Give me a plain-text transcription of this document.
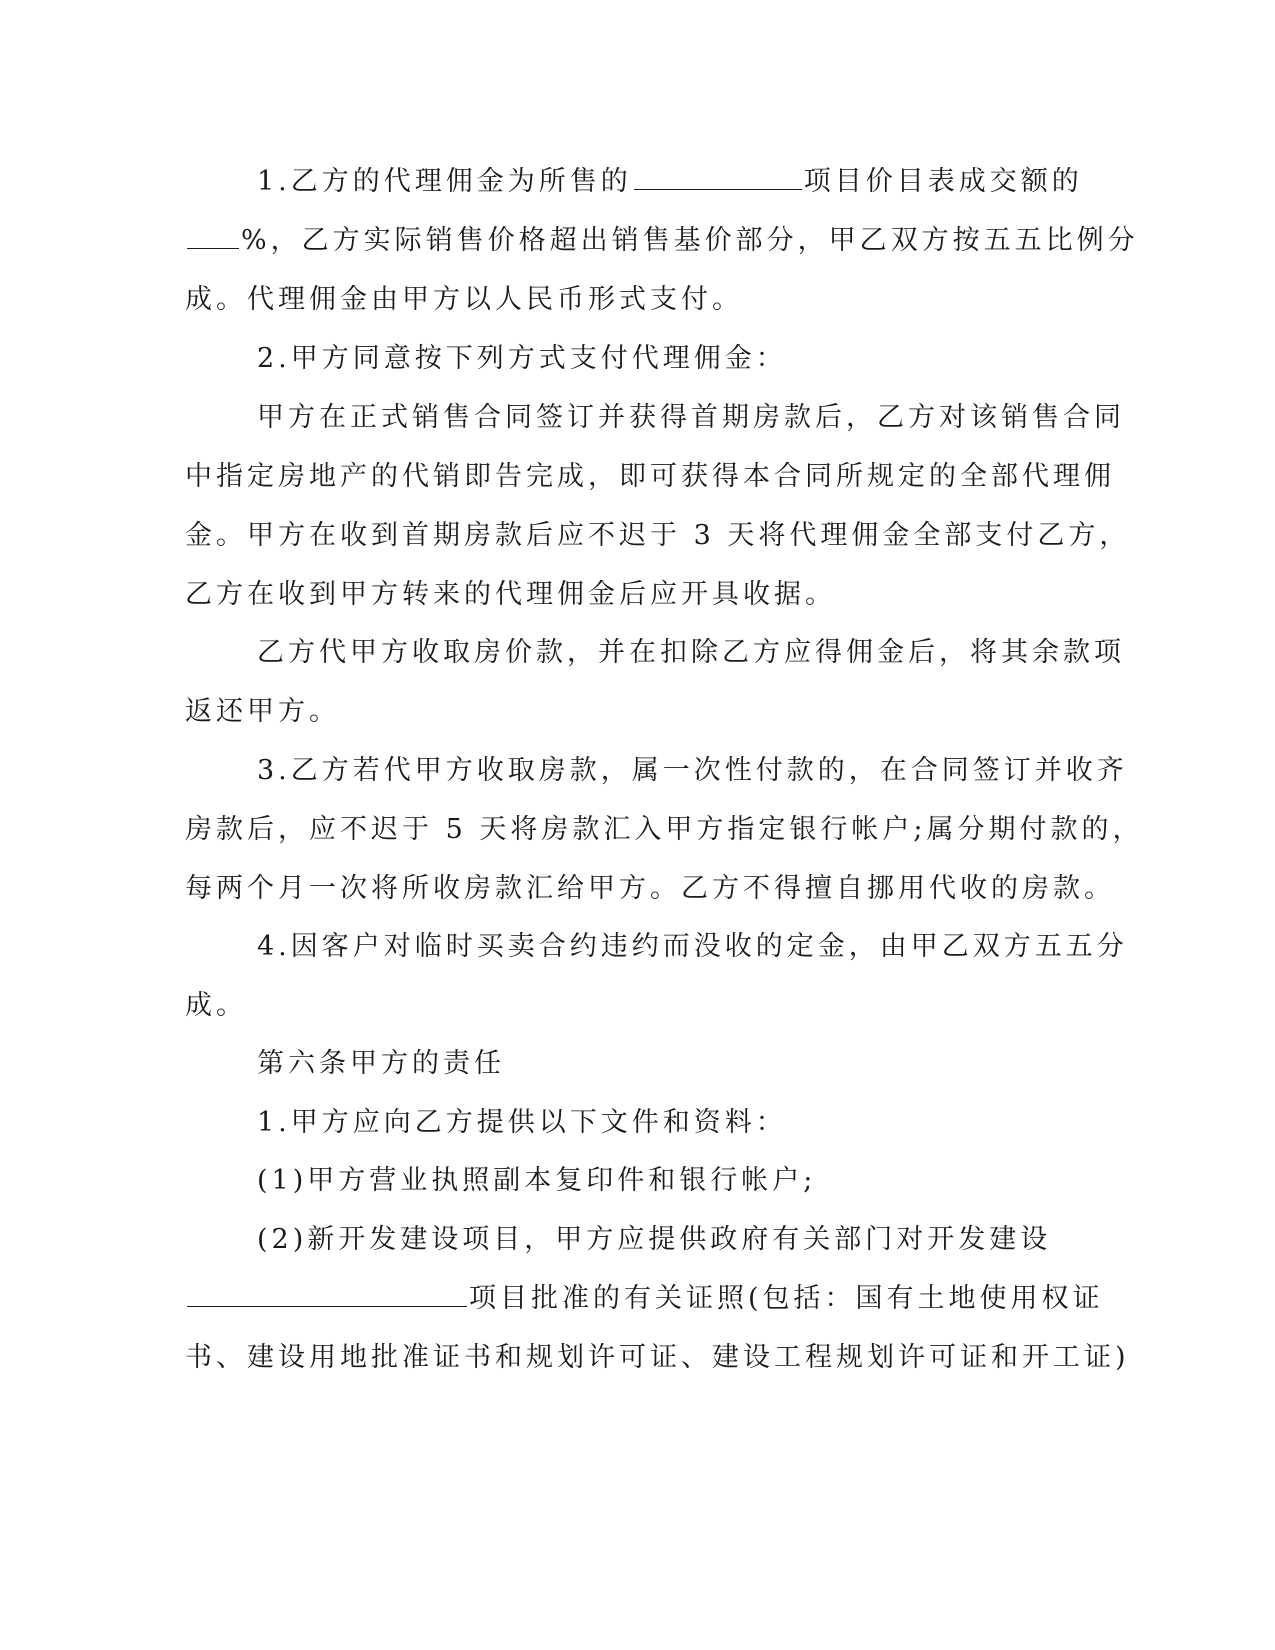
1.乙方的代理佣金为所售的	项目价目表成交额的
%，乙方实际销售价格超出销售基价部分，甲乙双方按五五比例分
成。代理佣金由甲方以人民币形式支付。
2.甲方同意按下列方式支付代理佣金：
甲方在正式销售合同签订并获得首期房款后，乙方对该销售合同
中指定房地产的代销即告完成，即可获得本合同所规定的全部代理佣
金。甲方在收到首期房款后应不迟于 3 天将代理佣金全部支付乙方，
乙方在收到甲方转来的代理佣金后应开具收据。
乙方代甲方收取房价款，并在扣除乙方应得佣金后，将其余款项
返还甲方。
3.乙方若代甲方收取房款，属一次性付款的，在合同签订并收齐
房款后，应不迟于 5 天将房款汇入甲方指定银行帐户;属分期付款的，
每两个月一次将所收房款汇给甲方。乙方不得擅自挪用代收的房款。
4.因客户对临时买卖合约违约而没收的定金，由甲乙双方五五分
成。
第六条甲方的责任
1.甲方应向乙方提供以下文件和资料：
(1)甲方营业执照副本复印件和银行帐户;
(2)新开发建设项目，甲方应提供政府有关部门对开发建设
项目批准的有关证照(包括：国有土地使用权证
书、建设用地批准证书和规划许可证、建设工程规划许可证和开工证)
